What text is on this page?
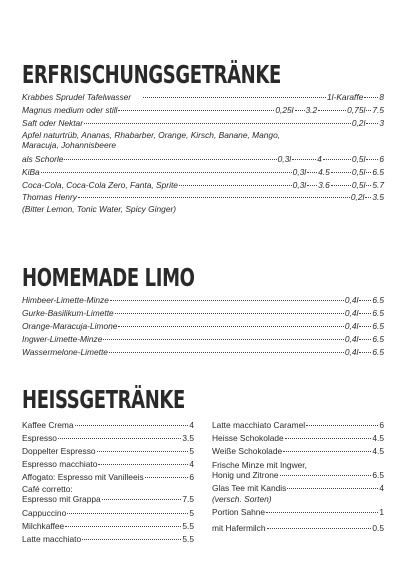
ERFRISCHUNGSGETRÄNKE
Krabbes Sprudel Tafelwasser	1l-Karaffe 8
Magnus medium oder still	0,25l 3.2	0,75l 7.5
Saft oder Nektar	0,2l 3
Apfel naturtrüb, Ananas, Rhabarber, Orange, Kirsch, Banane, Mango,
Maracuja, Johannisbeere
als Schorle	0,3l	4	0,5l 6
KiBa	0,3l 4.5	0,5l 6.5
Coca-Cola, Coca-Cola Zero, Fanta, Sprite	0,3l 3.6	0,5l 5.7
Thomas Henry	0,2l 3.5
(Bitter Lemon, Tonic Water, Spicy Ginger)
HOMEMADE LIMO
Himbeer-Limette-Minze	0,4l 6.5
Gurke-Basilikum-Limette	0,4l 6.5
Orange-Maracuja-Limone	0,4l 6.5
Ingwer-Limette-Minze	0,4l 6.5
Wassermelone-Limette	0,4l 6.5
HEISSGETRÄNKE
Kaffee Crema	4
Espresso	3.5
Doppelter Espresso	5
Espresso macchiato	4
Affogato: Espresso mit Vanilleeis	6
Café corretto:
Espresso mit Grappa	7.5
Cappuccino	5
Milchkaffee	5.5
Latte macchiato	5.5
Latte macchiato Caramel	6
Heisse Schokolade	4.5
Weiße Schokolade	4.5
Frische Minze mit Ingwer,
Honig und Zitrone	6.5
Glas Tee mit Kandis	4
(versch. Sorten)
Portion Sahne	1
mit Hafermilch	0.5
